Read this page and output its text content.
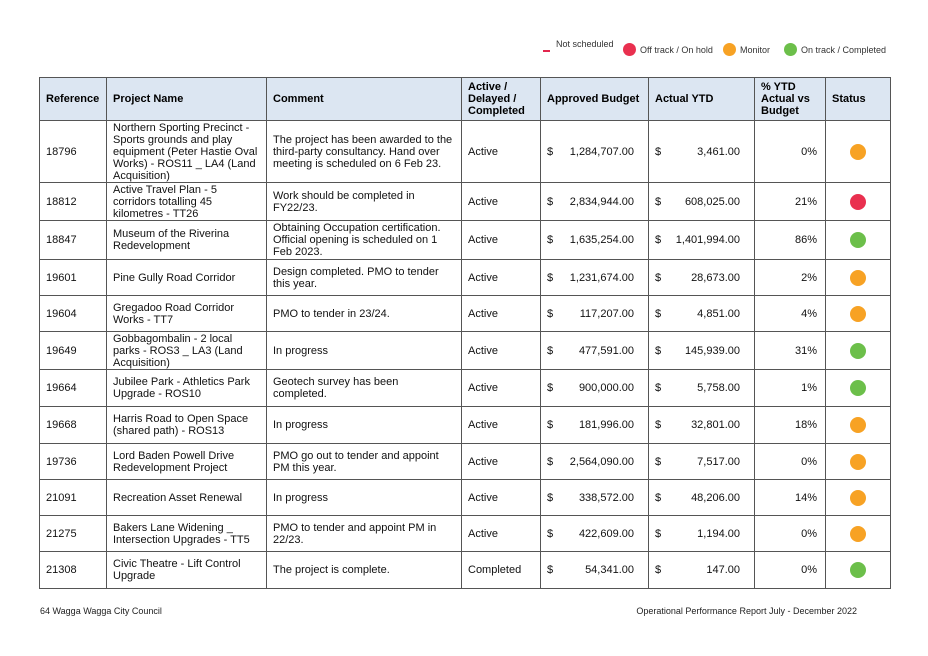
Not scheduled
Off track / On hold	Monitor	On track / Completed
Reference	Project Name	Comment	Active / Delayed / Completed	Approved Budget	Actual YTD	% YTD Actual vs Budget	Status
18796	Northern Sporting Precinct - Sports grounds and play equipment (Peter Hastie Oval Works) - ROS11 _ LA4 (Land Acquisition)	The project has been awarded to the third-party consultancy. Hand over meeting is scheduled on 6 Feb 23.	Active	$ 1,284,707.00	$ 3,461.00	0%	
18812	Active Travel Plan - 5 corridors totalling 45 kilometres - TT26	Work should be completed in FY22/23.	Active	$ 2,834,944.00	$ 608,025.00	21%	
18847	Museum of the Riverina Redevelopment	Obtaining Occupation certification. Official opening is scheduled on 1 Feb 2023.	Active	$ 1,635,254.00	$ 1,401,994.00	86%	
19601	Pine Gully Road Corridor	Design completed. PMO to tender this year.	Active	$ 1,231,674.00	$ 28,673.00	2%	
19604	Gregadoo Road Corridor Works - TT7	PMO to tender in 23/24.	Active	$ 117,207.00	$ 4,851.00	4%	
19649	Gobbagombalin - 2 local parks - ROS3 _ LA3 (Land Acquisition)	In progress	Active	$ 477,591.00	$ 145,939.00	31%	
19664	Jubilee Park - Athletics Park Upgrade - ROS10	Geotech survey has been completed.	Active	$ 900,000.00	$ 5,758.00	1%	
19668	Harris Road to Open Space (shared path) - ROS13	In progress	Active	$ 181,996.00	$ 32,801.00	18%	
19736	Lord Baden Powell Drive Redevelopment Project	PMO go out to tender and appoint PM this year.	Active	$ 2,564,090.00	$ 7,517.00	0%	
21091	Recreation Asset Renewal	In progress	Active	$ 338,572.00	$ 48,206.00	14%	
21275	Bakers Lane Widening _ Intersection Upgrades - TT5	PMO to tender and appoint PM in 22/23.	Active	$ 422,609.00	$ 1,194.00	0%	
21308	Civic Theatre - Lift Control Upgrade	The project is complete.	Completed	$ 54,341.00	$ 147.00	0%	
64 Wagga Wagga City Council	Operational Performance Report July - December 2022
